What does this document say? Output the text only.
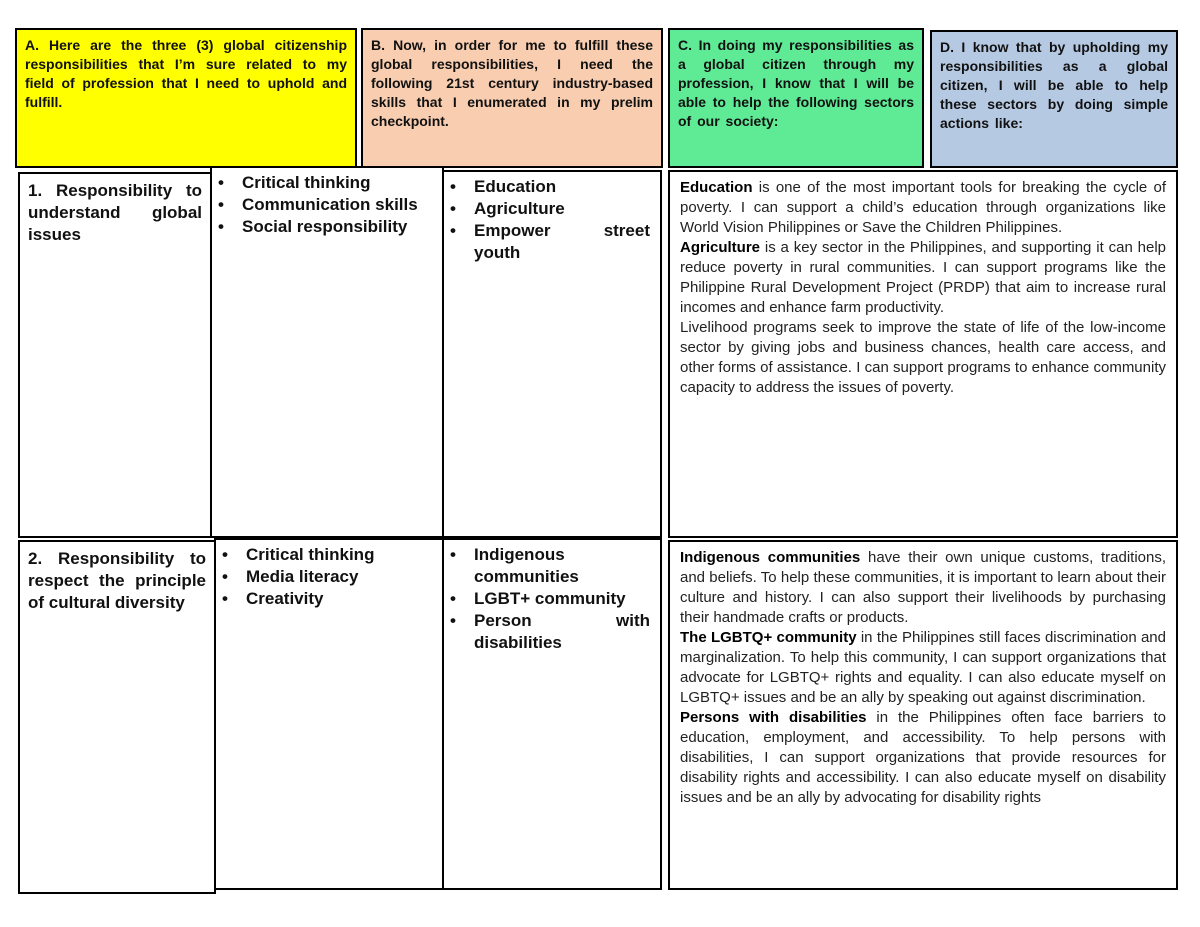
A. Here are the three (3) global citizenship responsibilities that I’m sure related to my field of profession that I need to uphold and fulfill.
B. Now, in order for me to fulfill these global responsibilities, I need the following 21st century industry-based skills that I enumerated in my prelim checkpoint.
C. In doing my responsibilities as a global citizen through my profession, I know that I will be able to help the following sectors of our society:
D. I know that by upholding my responsibilities as a global citizen, I will be able to help these sectors by doing simple actions like:
1. Responsibility to understand global issues
• Critical thinking
• Communication skills
• Social responsibility
• Education
• Agriculture
• Empower street youth

Education is one of the most important tools for breaking the cycle of poverty. I can support a child’s education through organizations like World Vision Philippines or Save the Children Philippines.

Agriculture is a key sector in the Philippines, and supporting it can help reduce poverty in rural communities. I can support programs like the Philippine Rural Development Project (PRDP) that aim to increase rural incomes and enhance farm productivity.

Livelihood programs seek to improve the state of life of the low-income sector by giving jobs and business chances, health care access, and other forms of assistance. I can support programs to enhance community capacity to address the issues of poverty.

2. Responsibility to respect the principle of cultural diversity
• Critical thinking
• Media literacy
• Creativity
• Indigenous communities
• LGBT+ community
• Person with disabilities

Indigenous communities have their own unique customs, traditions, and beliefs. To help these communities, it is important to learn about their culture and history. I can also support their livelihoods by purchasing their handmade crafts or products.

The LGBTQ+ community in the Philippines still faces discrimination and marginalization. To help this community, I can support organizations that advocate for LGBTQ+ rights and equality. I can also educate myself on LGBTQ+ issues and be an ally by speaking out against discrimination.

Persons with disabilities in the Philippines often face barriers to education, employment, and accessibility. To help persons with disabilities, I can support organizations that provide resources for disability rights and accessibility. I can also educate myself on disability issues and be an ally by advocating for disability rights
